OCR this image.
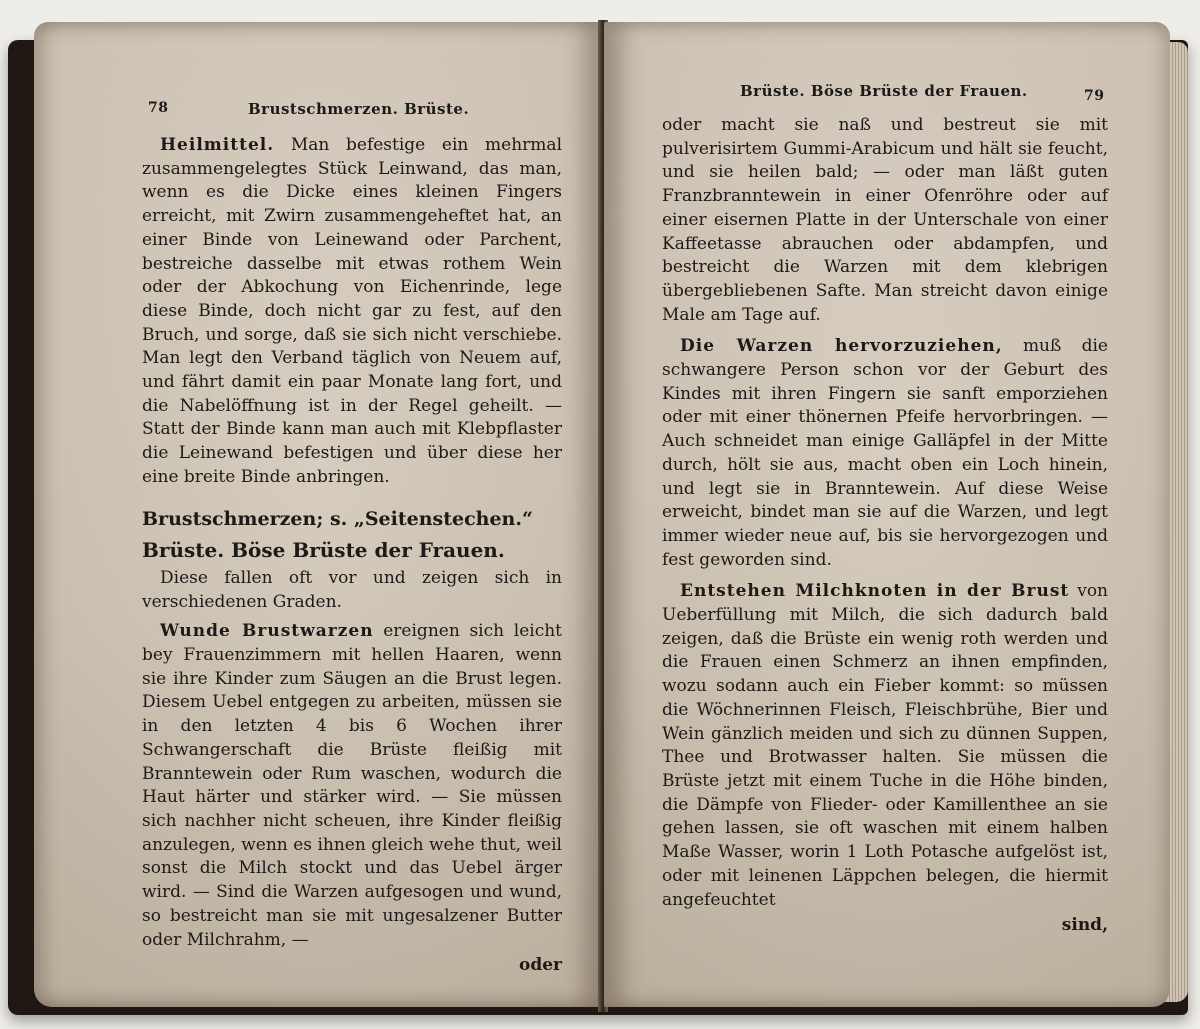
78	Brustschmerzen. Brüste.

Heilmittel. Man befestige ein mehrmal zusammengelegtes Stück Leinwand, das man, wenn es die Dicke eines kleinen Fingers erreicht, mit Zwirn zusammengeheftet hat, an einer Binde von Leinewand oder Parchent, bestreiche dasselbe mit etwas rothem Wein oder der Abkochung von Eichenrinde, lege diese Binde, doch nicht gar zu fest, auf den Bruch, und sorge, daß sie sich nicht verschiebe. Man legt den Verband täglich von Neuem auf, und fährt damit ein paar Monate lang fort, und die Nabelöffnung ist in der Regel geheilt. — Statt der Binde kann man auch mit Klebpflaster die Leinewand befestigen und über diese her eine breite Binde anbringen.

Brustschmerzen; s. „Seitenstechen.“

Brüste. Böse Brüste der Frauen.

Diese fallen oft vor und zeigen sich in verschiedenen Graden.

Wunde Brustwarzen ereignen sich leicht bey Frauenzimmern mit hellen Haaren, wenn sie ihre Kinder zum Säugen an die Brust legen. Diesem Uebel entgegen zu arbeiten, müssen sie in den letzten 4 bis 6 Wochen ihrer Schwangerschaft die Brüste fleißig mit Branntewein oder Rum waschen, wodurch die Haut härter und stärker wird. — Sie müssen sich nachher nicht scheuen, ihre Kinder fleißig anzulegen, wenn es ihnen gleich wehe thut, weil sonst die Milch stockt und das Uebel ärger wird. — Sind die Warzen aufgesogen und wund, so bestreicht man sie mit ungesalzener Butter oder Milchrahm, —

oder
Brüste. Böse Brüste der Frauen.	79

oder macht sie naß und bestreut sie mit pulverisirtem Gummi-Arabicum und hält sie feucht, und sie heilen bald; — oder man läßt guten Franzbranntewein in einer Ofenröhre oder auf einer eisernen Platte in der Unterschale von einer Kaffeetasse abrauchen oder abdampfen, und bestreicht die Warzen mit dem klebrigen übergebliebenen Safte. Man streicht davon einige Male am Tage auf.

Die Warzen hervorzuziehen, muß die schwangere Person schon vor der Geburt des Kindes mit ihren Fingern sie sanft emporziehen oder mit einer thönernen Pfeife hervorbringen. — Auch schneidet man einige Galläpfel in der Mitte durch, hölt sie aus, macht oben ein Loch hinein, und legt sie in Branntewein. Auf diese Weise erweicht, bindet man sie auf die Warzen, und legt immer wieder neue auf, bis sie hervorgezogen und fest geworden sind.

Entstehen Milchknoten in der Brust von Ueberfüllung mit Milch, die sich dadurch bald zeigen, daß die Brüste ein wenig roth werden und die Frauen einen Schmerz an ihnen empfinden, wozu sodann auch ein Fieber kommt: so müssen die Wöchnerinnen Fleisch, Fleischbrühe, Bier und Wein gänzlich meiden und sich zu dünnen Suppen, Thee und Brotwasser halten. Sie müssen die Brüste jetzt mit einem Tuche in die Höhe binden, die Dämpfe von Flieder- oder Kamillenthee an sie gehen lassen, sie oft waschen mit einem halben Maße Wasser, worin 1 Loth Potasche aufgelöst ist, oder mit leinenen Läppchen belegen, die hiermit angefeuchtet

sind,
